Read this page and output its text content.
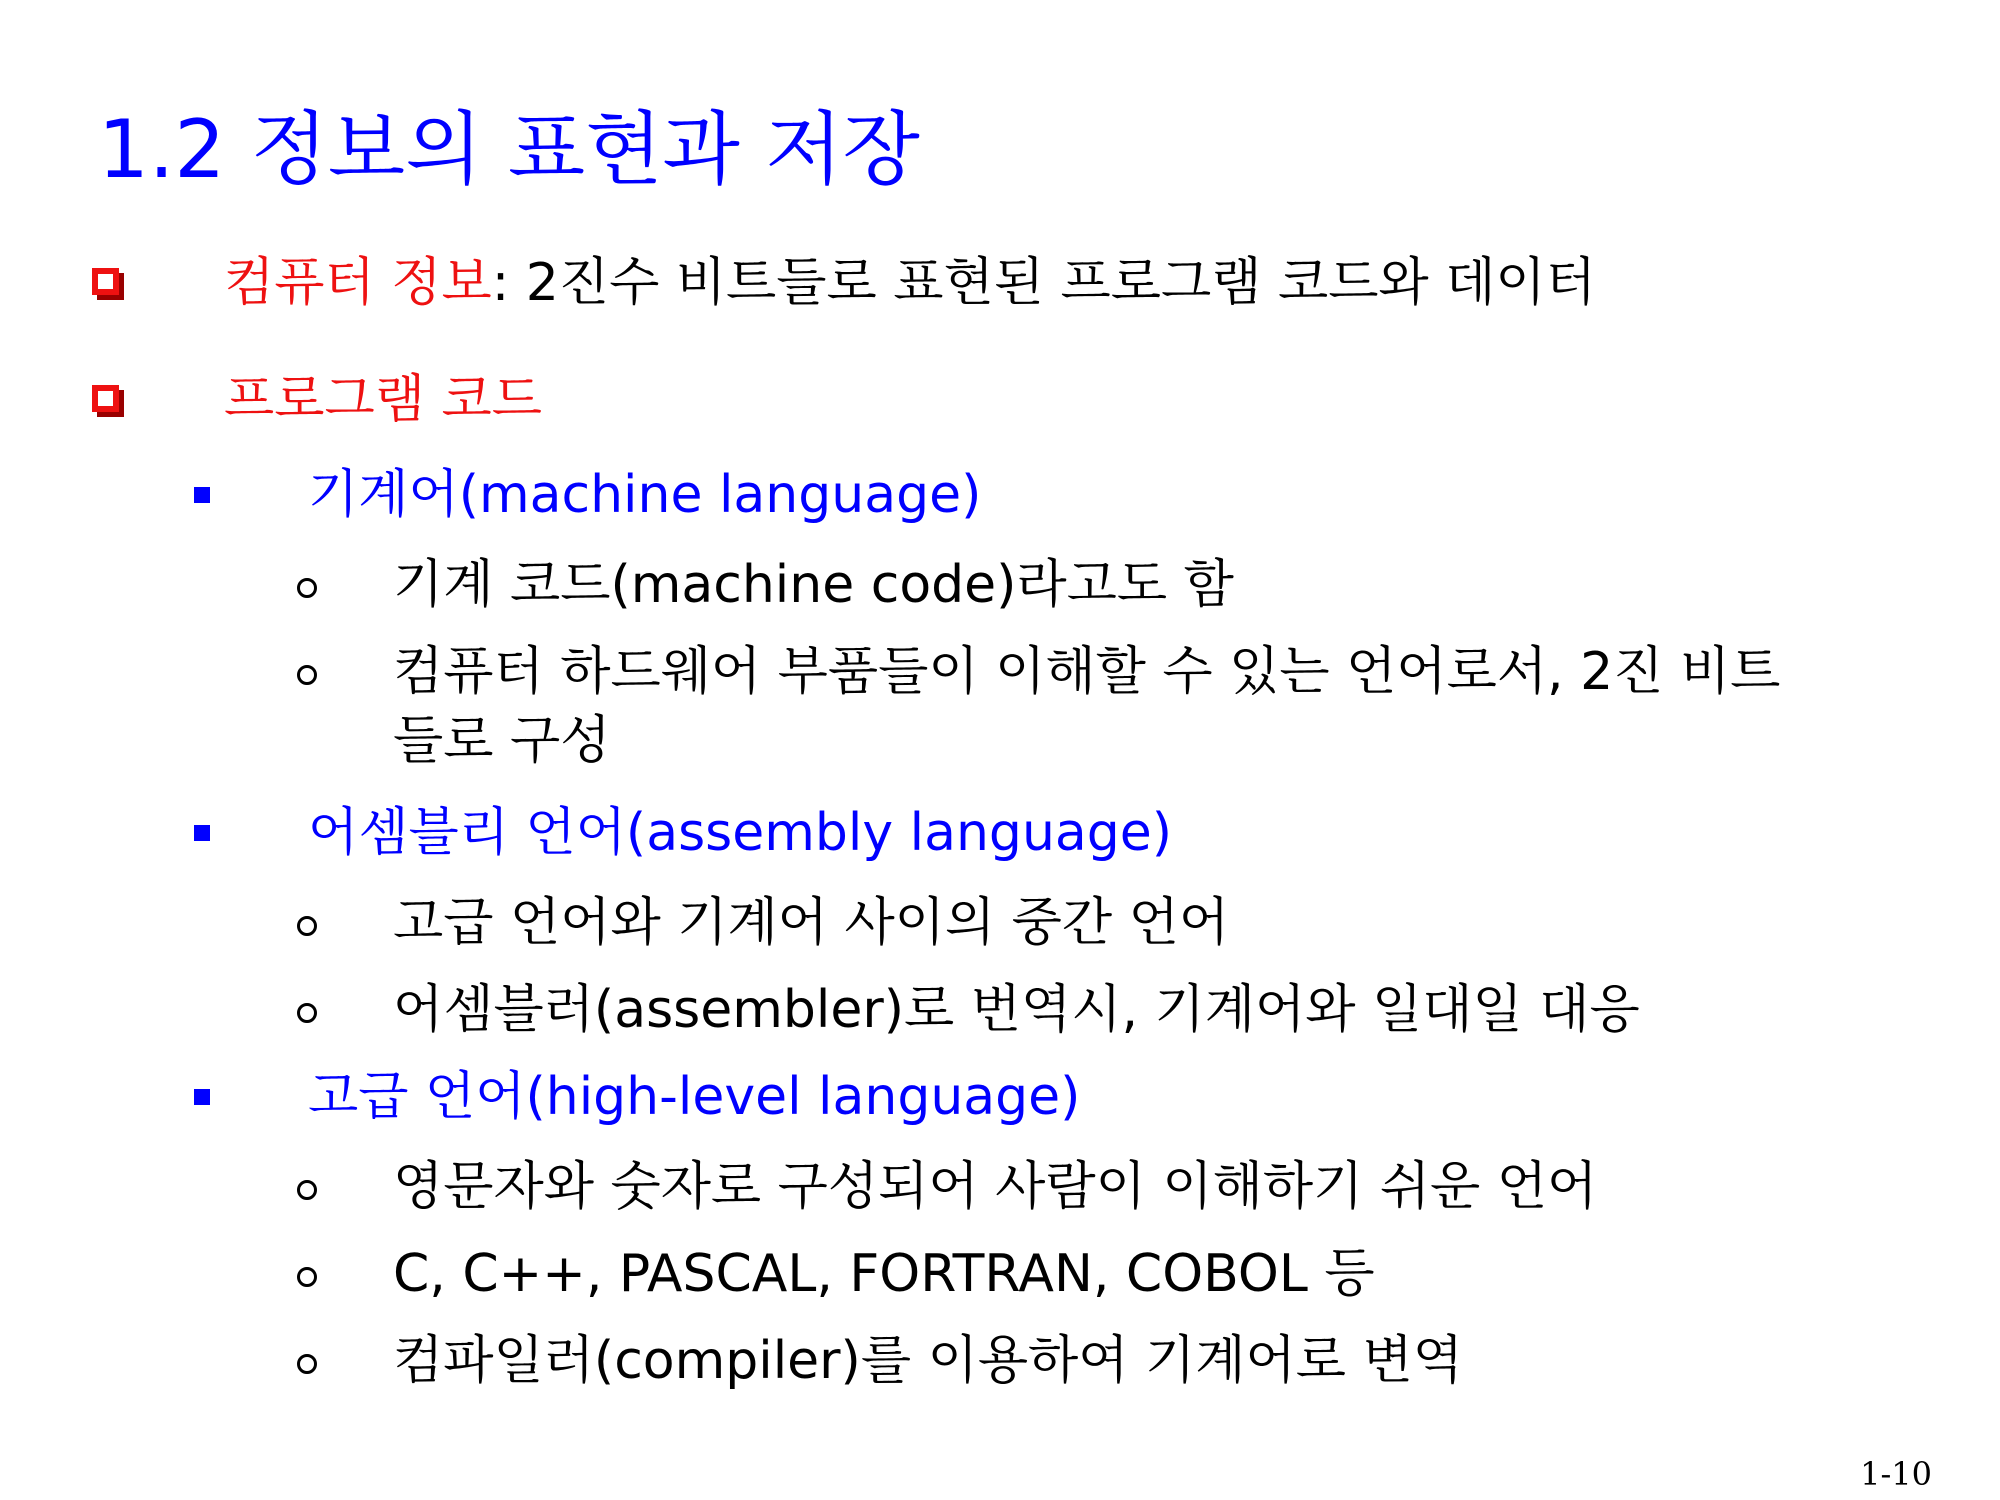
1.2 정보의 표현과 저장
컴퓨터 정보: 2진수 비트들로 표현된 프로그램 코드와 데이터
프로그램 코드
기계어(machine language)
기계 코드(machine code)라고도 함
컴퓨터 하드웨어 부품들이 이해할 수 있는 언어로서, 2진 비트
들로 구성
어셈블리 언어(assembly language)
고급 언어와 기계어 사이의 중간 언어
어셈블러(assembler)로 번역시, 기계어와 일대일 대응
고급 언어(high-level language)
영문자와 숫자로 구성되어 사람이 이해하기 쉬운 언어
C, C++, PASCAL, FORTRAN, COBOL 등
컴파일러(compiler)를 이용하여 기계어로 변역
1-10
